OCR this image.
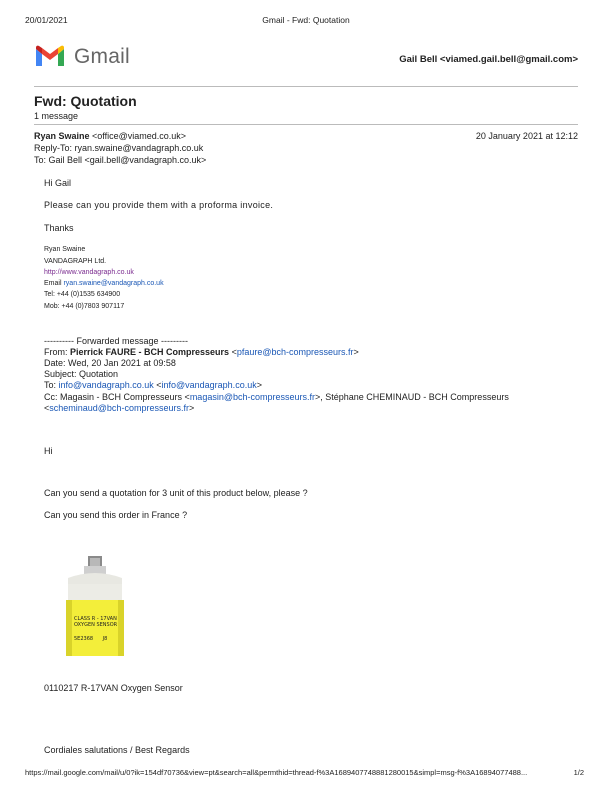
20/01/2021	Gmail - Fwd: Quotation
Gmail	Gail Bell <viamed.gail.bell@gmail.com>
Fwd: Quotation
1 message
Ryan Swaine <office@viamed.co.uk>	20 January 2021 at 12:12
Reply-To: ryan.swaine@vandagraph.co.uk
To: Gail Bell <gail.bell@vandagraph.co.uk>
Hi Gail
Please can you provide them with a proforma invoice.
Thanks
Ryan Swaine
VANDAGRAPH Ltd.
http://www.vandagraph.co.uk
Email ryan.swaine@vandagraph.co.uk
Tel: +44 (0)1535 634900
Mob: +44 (0)7803 907117
---------- Forwarded message ---------
From: Pierrick FAURE - BCH Compresseurs <pfaure@bch-compresseurs.fr>
Date: Wed, 20 Jan 2021 at 09:58
Subject: Quotation
To: info@vandagraph.co.uk <info@vandagraph.co.uk>
Cc: Magasin - BCH Compresseurs <magasin@bch-compresseurs.fr>, Stéphane CHEMINAUD - BCH Compresseurs
<scheminaud@bch-compresseurs.fr>
Hi
Can you send a quotation for 3 unit of this product below, please ?
Can you send this order in France ?
CLASS R - 17VAN
OXYGEN SENSOR
5E2368 J8
0110217 R-17VAN Oxygen Sensor
Cordiales salutations / Best Regards
https://mail.google.com/mail/u/0?ik=154df70736&view=pt&search=all&permthid=thread-f%3A1689407748881280015&simpl=msg-f%3A16894077488...	1/2
